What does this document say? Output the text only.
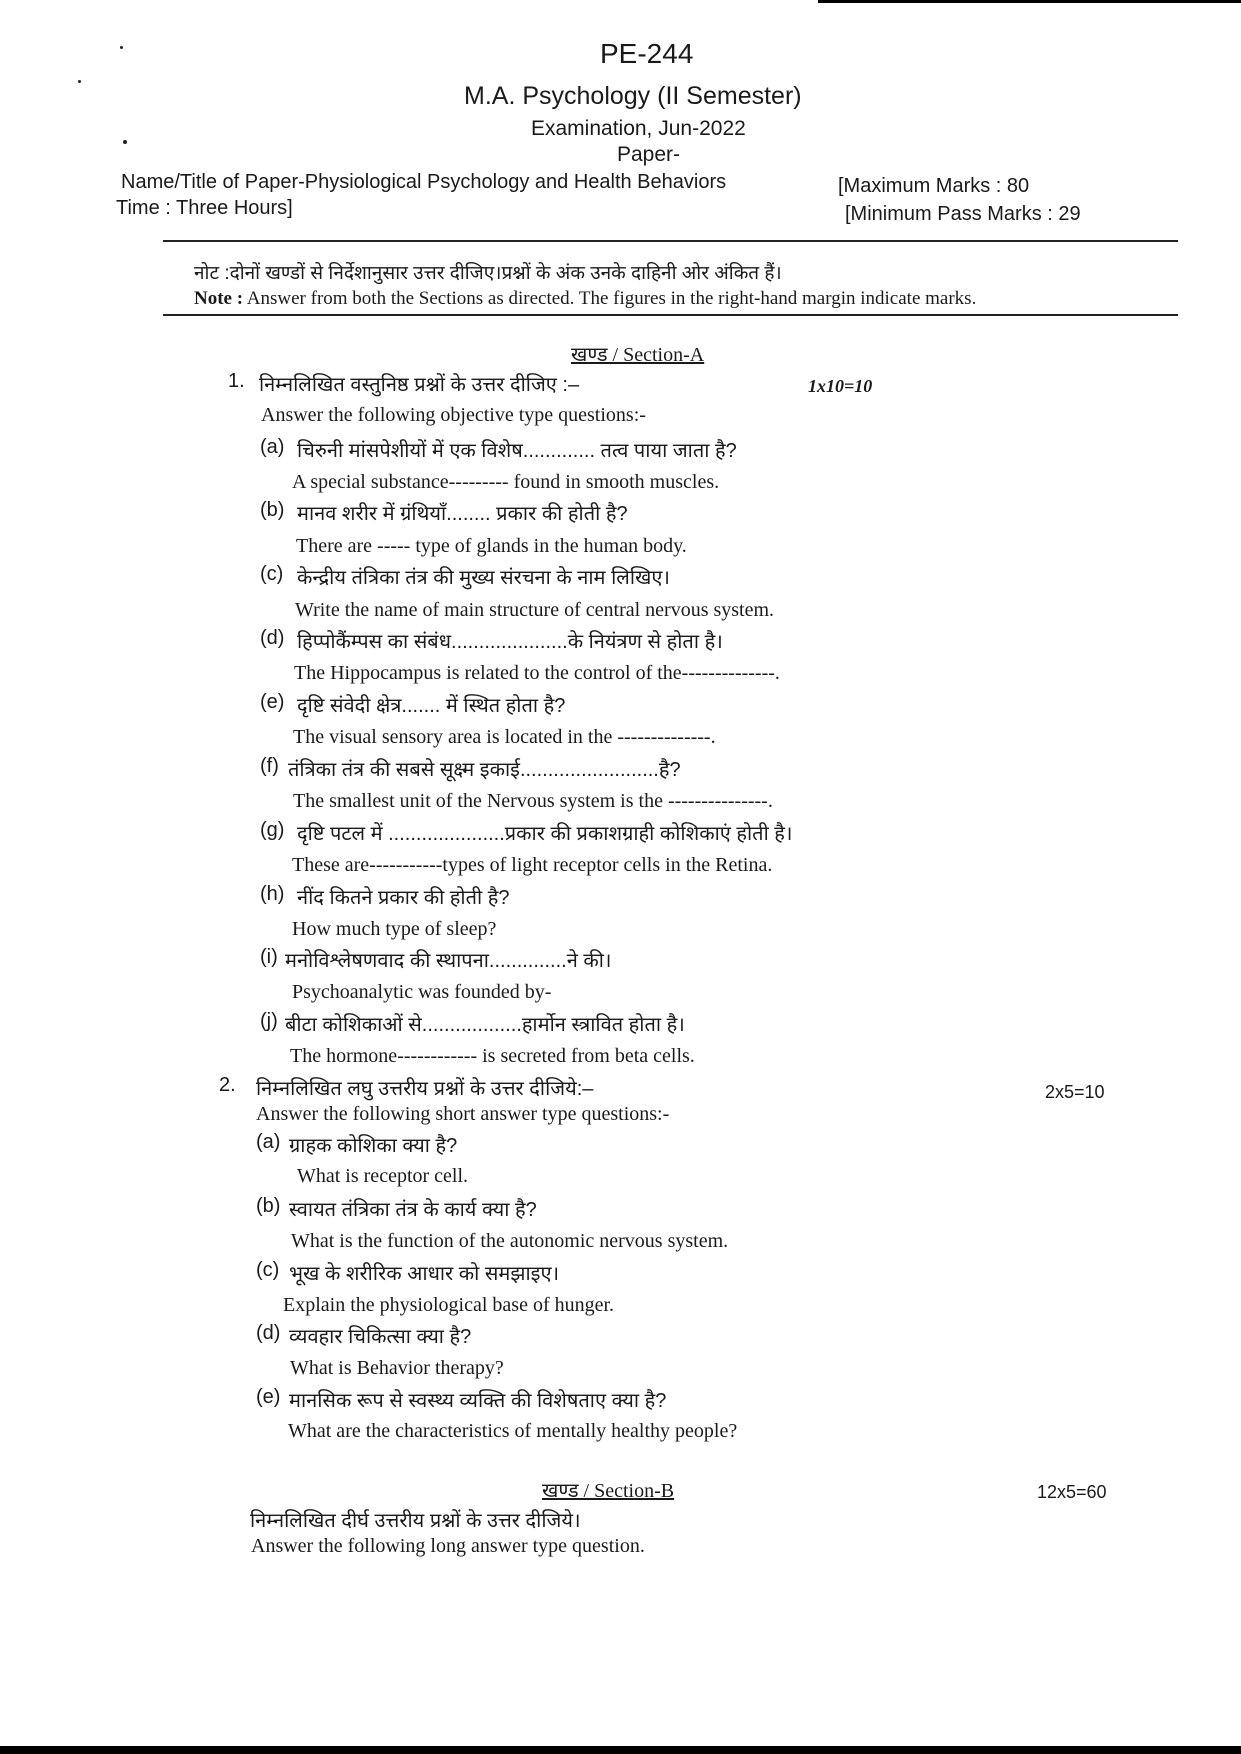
PE-244
M.A. Psychology (II Semester)
Examination, Jun-2022
Paper-
Name/Title of Paper-Physiological Psychology and Health Behaviors
Time : Three Hours]
[Maximum Marks : 80
[Minimum Pass Marks : 29
नोट :दोनों खण्डों से निर्देशानुसार उत्तर दीजिए।प्रश्नों के अंक उनके दाहिनी ओर अंकित हैं।
Note : Answer from both the Sections as directed. The figures in the right-hand margin indicate marks.
खण्ड / Section-A
1. निम्नलिखित वस्तुनिष्ठ प्रश्नों के उत्तर दीजिए :–	1x10=10
Answer the following objective type questions:-
(a) चिरुनी मांसपेशीयों में एक विशेष............. तत्व पाया जाता है?
A special substance--------- found in smooth muscles.
(b) मानव शरीर में ग्रंथियाँ........ प्रकार की होती है?
There are ----- type of glands in the human body.
(c) केन्द्रीय तंत्रिका तंत्र की मुख्य संरचना के नाम लिखिए।
Write the name of main structure of central nervous system.
(d) हिप्पोकैंम्पस का संबंध.....................के नियंत्रण से होता है।
The Hippocampus is related to the control of the--------------.
(e) दृष्टि संवेदी क्षेत्र....... में स्थित होता है?
The visual sensory area is located in the --------------.
(f) तंत्रिका तंत्र की सबसे सूक्ष्म इकाई.........................है?
The smallest unit of the Nervous system is the ---------------.
(g) दृष्टि पटल में .....................प्रकार की प्रकाशग्राही कोशिकाएं होती है।
These are-----------types of light receptor cells in the Retina.
(h) नींद कितने प्रकार की होती है?
How much type of sleep?
(i) मनोविश्लेषणवाद की स्थापना..............ने की।
Psychoanalytic was founded by-
(j) बीटा कोशिकाओं से..................हार्मोन स्त्रावित होता है।
The hormone------------ is secreted from beta cells.
2. निम्नलिखित लघु उत्तरीय प्रश्नों के उत्तर दीजिये:–	2x5=10
Answer the following short answer type questions:-
(a) ग्राहक कोशिका क्या है?
What is receptor cell.
(b) स्वायत तंत्रिका तंत्र के कार्य क्या है?
What is the function of the autonomic nervous system.
(c) भूख के शरीरिक आधार को समझाइए।
Explain the physiological base of hunger.
(d) व्यवहार चिकित्सा क्या है?
What is Behavior therapy?
(e) मानसिक रूप से स्वस्थ्य व्यक्ति की विशेषताए क्या है?
What are the characteristics of mentally healthy people?
खण्ड / Section-B	12x5=60
निम्नलिखित दीर्घ उत्तरीय प्रश्नों के उत्तर दीजिये।
Answer the following long answer type question.
